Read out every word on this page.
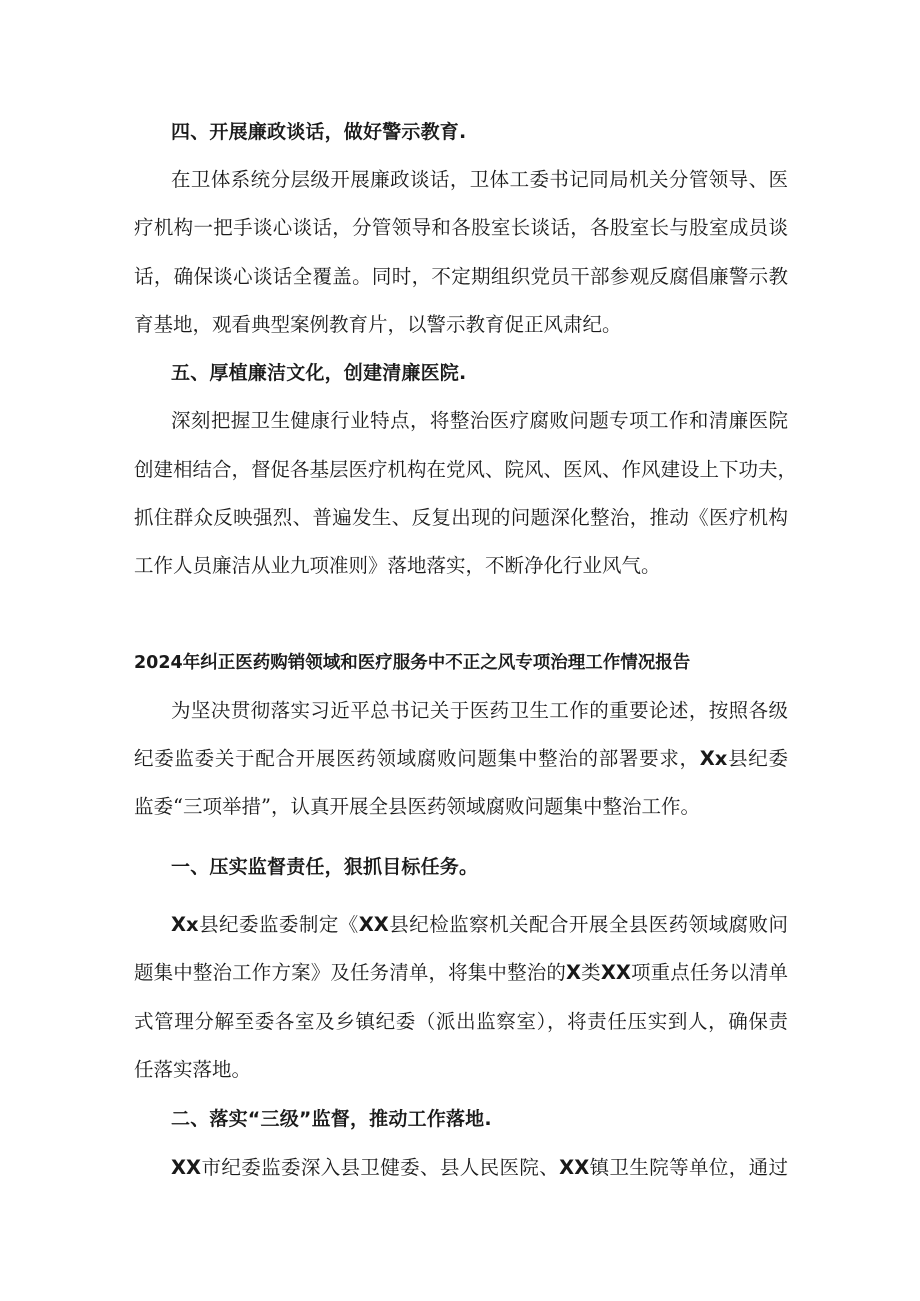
四、开展廉政谈话，做好警示教育.

在卫体系统分层级开展廉政谈话，卫体工委书记同局机关分管领导、医

疗机构一把手谈心谈话，分管领导和各股室长谈话，各股室长与股室成员谈

话，确保谈心谈话全覆盖。同时，不定期组织党员干部参观反腐倡廉警示教

育基地，观看典型案例教育片，以警示教育促正风肃纪。

五、厚植廉洁文化，创建清廉医院.

深刻把握卫生健康行业特点，将整治医疗腐败问题专项工作和清廉医院

创建相结合，督促各基层医疗机构在党风、院风、医风、作风建设上下功夫，

抓住群众反映强烈、普遍发生、反复出现的问题深化整治，推动《医疗机构

工作人员廉洁从业九项准则》落地落实，不断净化行业风气。

2024年纠正医药购销领域和医疗服务中不正之风专项治理工作情况报告

为坚决贯彻落实习近平总书记关于医药卫生工作的重要论述，按照各级

纪委监委关于配合开展医药领域腐败问题集中整治的部署要求，Xx县纪委

监委“三项举措”，认真开展全县医药领域腐败问题集中整治工作。

一、压实监督责任，狠抓目标任务。

Xx县纪委监委制定《XX县纪检监察机关配合开展全县医药领域腐败问

题集中整治工作方案》及任务清单，将集中整治的X类XX项重点任务以清单

式管理分解至委各室及乡镇纪委（派出监察室），将责任压实到人，确保责

任落实落地。

二、落实“三级”监督，推动工作落地.

XX市纪委监委深入县卫健委、县人民医院、XX镇卫生院等单位，通过
